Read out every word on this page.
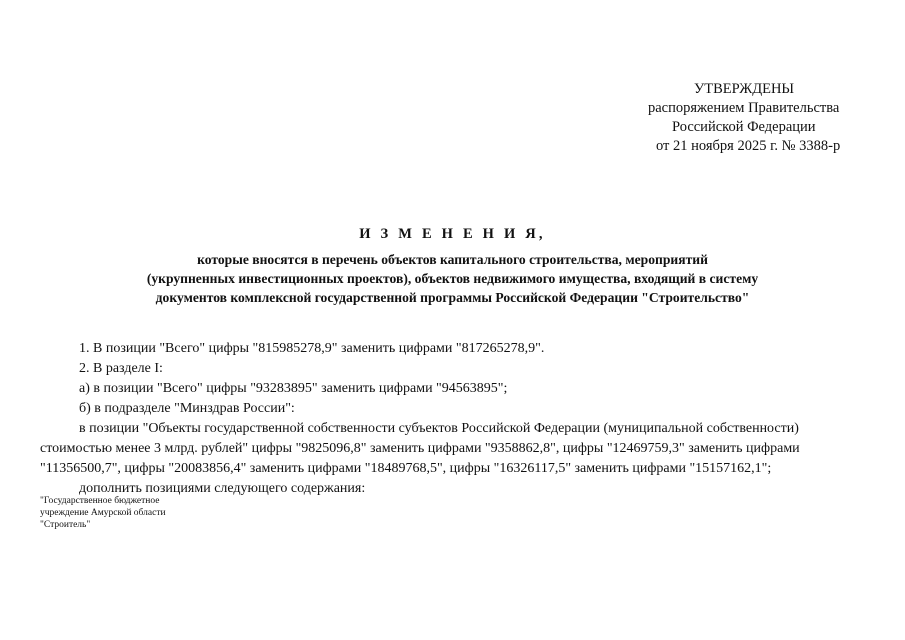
УТВЕРЖДЕНЫ
распоряжением Правительства
Российской Федерации
от 21 ноября 2025 г. № 3388-р
И З М Е Н Е Н И Я,
которые вносятся в перечень объектов капитального строительства, мероприятий
(укрупненных инвестиционных проектов), объектов недвижимого имущества, входящий в систему
документов комплексной государственной программы Российской Федерации "Строительство"
1. В позиции "Всего" цифры "815985278,9" заменить цифрами "817265278,9".
2. В разделе I:
а) в позиции "Всего" цифры "93283895" заменить цифрами "94563895";
б) в подразделе "Минздрав России":
в позиции "Объекты государственной собственности субъектов Российской Федерации (муниципальной собственности)
стоимостью менее 3 млрд. рублей" цифры "9825096,8" заменить цифрами "9358862,8", цифры "12469759,3" заменить цифрами
"11356500,7", цифры "20083856,4" заменить цифрами "18489768,5", цифры "16326117,5" заменить цифрами "15157162,1";
дополнить позициями следующего содержания:
"Государственное бюджетное
учреждение Амурской области
"Строитель"
